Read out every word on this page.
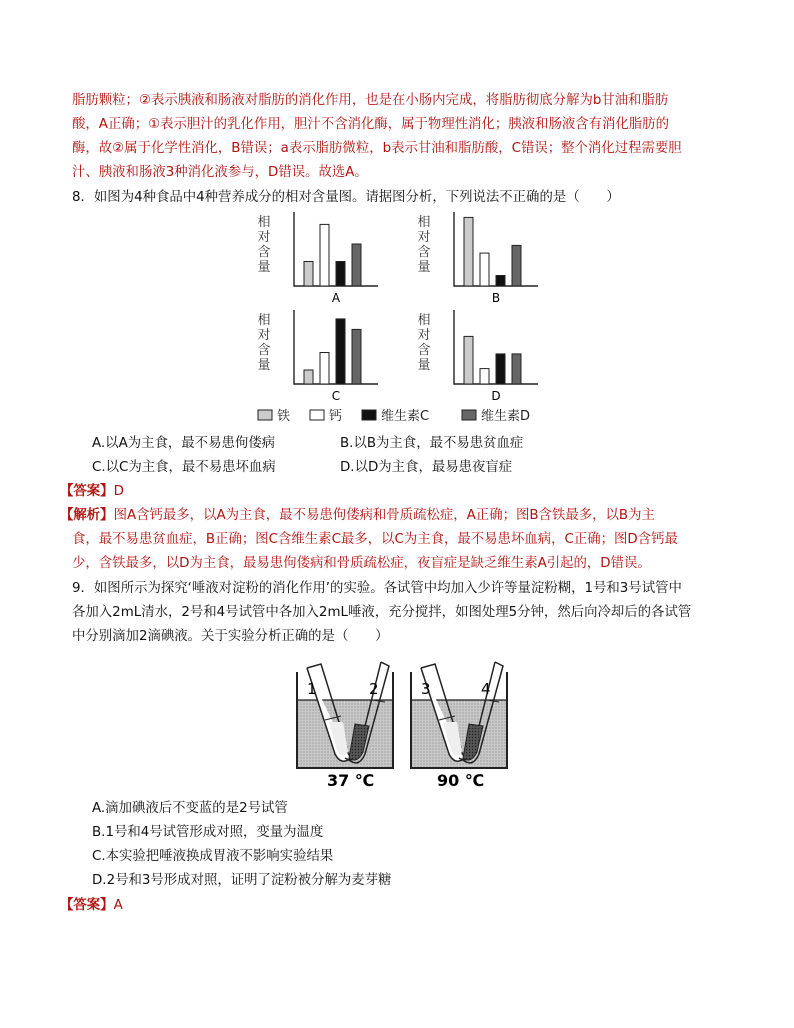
脂肪颗粒；②表示胰液和肠液对脂肪的消化作用，也是在小肠内完成，将脂肪彻底分解为b甘油和脂肪
酸，A正确；①表示胆汁的乳化作用，胆汁不含消化酶，属于物理性消化；胰液和肠液含有消化脂肪的
酶，故②属于化学性消化，B错误；a表示脂肪微粒，b表示甘油和脂肪酸，C错误；整个消化过程需要胆
汁、胰液和肠液3种消化液参与，D错误。故选A。
8．如图为4种食品中4种营养成分的相对含量图。请据图分析，下列说法不正确的是（　　）
相
对
含
量
A
相
对
含
量
B
相
对
含
量
C
相
对
含
量
D
铁	钙	维生素C	维生素D
A.以A为主食，最不易患佝偻病	B.以B为主食，最不易患贫血症
C.以C为主食，最不易患坏血病	D.以D为主食，最易患夜盲症
【答案】D
【解析】图A含钙最多，以A为主食，最不易患佝偻病和骨质疏松症，A正确；图B含铁最多，以B为主
食，最不易患贫血症，B正确；图C含维生素C最多，以C为主食，最不易患坏血病，C正确；图D含钙最
少，含铁最多，以D为主食，最易患佝偻病和骨质疏松症，夜盲症是缺乏维生素A引起的，D错误。
9．如图所示为探究‘唾液对淀粉的消化作用’的实验。各试管中均加入少许等量淀粉糊，1号和3号试管中
各加入2mL清水，2号和4号试管中各加入2mL唾液，充分搅拌，如图处理5分钟，然后向冷却后的各试管
中分别滴加2滴碘液。关于实验分析正确的是（　　）
1	2
37 ℃
3	4
90 ℃
A.滴加碘液后不变蓝的是2号试管
B.1号和4号试管形成对照，变量为温度
C.本实验把唾液换成胃液不影响实验结果
D.2号和3号形成对照，证明了淀粉被分解为麦芽糖
【答案】A
